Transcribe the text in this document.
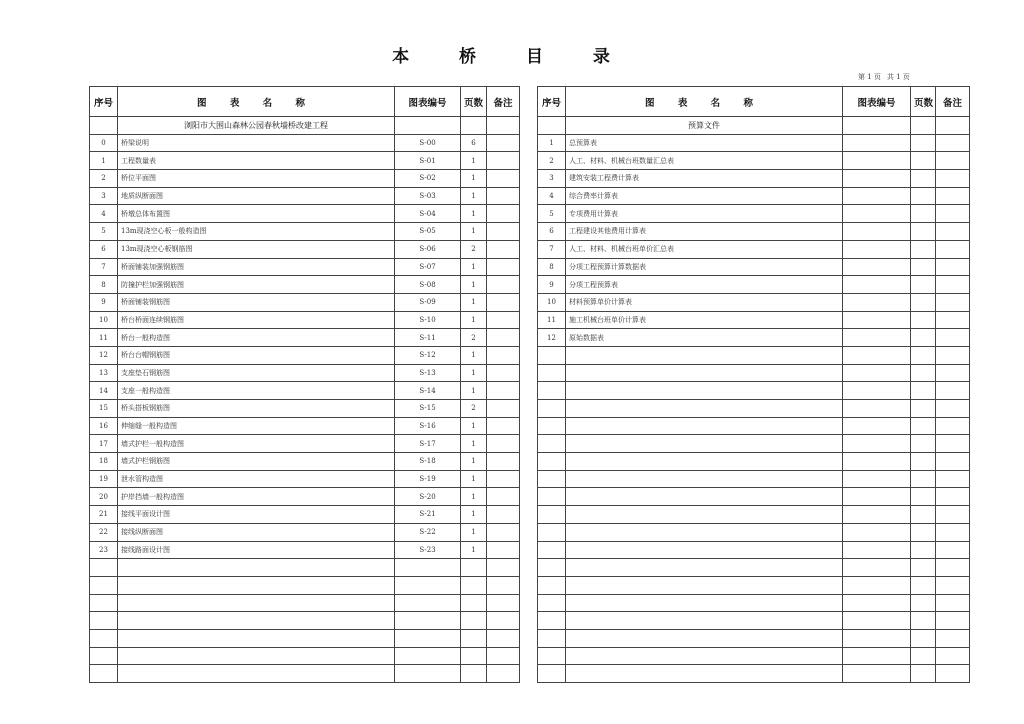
本 桥 目 录
第 1 页 共 1 页
序号	图 表 名 称	图表编号	页数	备注
	浏阳市大围山森林公园春秋墙桥改建工程			
0	桥梁说明	S-00	6	
1	工程数量表	S-01	1	
2	桥位平面图	S-02	1	
3	地质纵断面图	S-03	1	
4	桥墩总体布置图	S-04	1	
5	13m现浇空心板一般构造图	S-05	1	
6	13m现浇空心板钢筋图	S-06	2	
7	桥面铺装加强钢筋图	S-07	1	
8	防撞护栏加强钢筋图	S-08	1	
9	桥面铺装钢筋图	S-09	1	
10	桥台桥面连续钢筋图	S-10	1	
11	桥台一般构造图	S-11	2	
12	桥台台帽钢筋图	S-12	1	
13	支座垫石钢筋图	S-13	1	
14	支座一般构造图	S-14	1	
15	桥头搭板钢筋图	S-15	2	
16	伸缩缝一般构造图	S-16	1	
17	墙式护栏一般构造图	S-17	1	
18	墙式护栏钢筋图	S-18	1	
19	泄水管构造图	S-19	1	
20	护岸挡墙一般构造图	S-20	1	
21	接线平面设计图	S-21	1	
22	接线纵断面图	S-22	1	
23	接线路面设计图	S-23	1	

序号	图 表 名 称	图表编号	页数	备注
	预算文件			
1	总预算表			
2	人工、材料、机械台班数量汇总表			
3	建筑安装工程费计算表			
4	综合费率计算表			
5	专项费用计算表			
6	工程建设其他费用计算表			
7	人工、材料、机械台班单价汇总表			
8	分项工程预算计算数据表			
9	分项工程预算表			
10	材料预算单价计算表			
11	施工机械台班单价计算表			
12	原始数据表			
